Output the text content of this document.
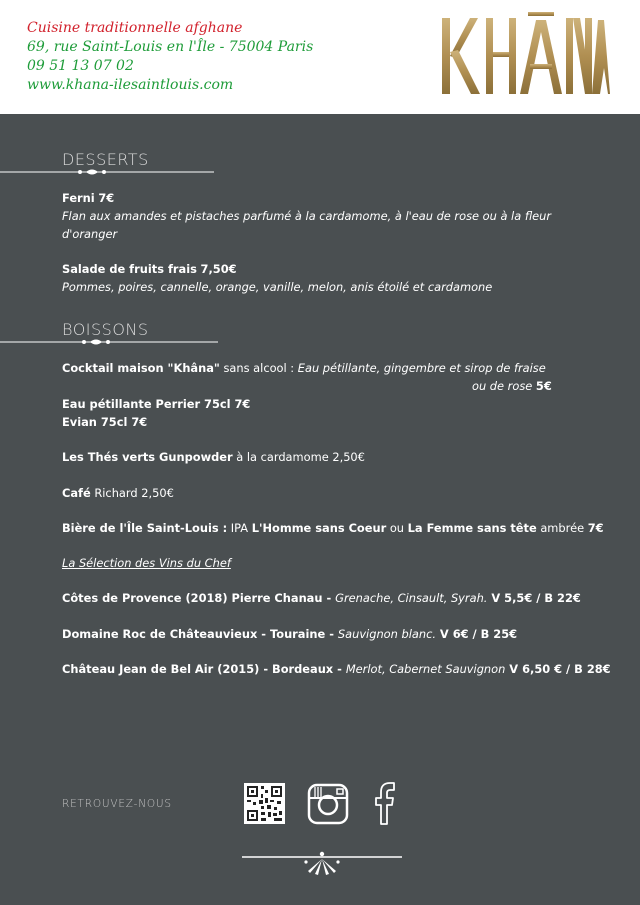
Cuisine traditionnelle afghane
69, rue Saint-Louis en l'Île - 75004 Paris
09 51 13 07 02
www.khana-ilesaintlouis.com
DESSERTS
Ferni 7€
Flan aux amandes et pistaches parfumé à la cardamome, à l'eau de rose ou à la fleur d'oranger
Salade de fruits frais 7,50€
Pommes, poires, cannelle, orange, vanille, melon, anis étoilé et cardamone
BOISSONS
Cocktail maison "Khâna" sans alcool : Eau pétillante, gingembre et sirop de fraise
ou de rose 5€
Eau pétillante Perrier 75cl 7€
Evian 75cl 7€
Les Thés verts Gunpowder à la cardamome 2,50€
Café Richard 2,50€
Bière de l'Île Saint-Louis : IPA L'Homme sans Coeur ou La Femme sans tête ambrée 7€
La Sélection des Vins du Chef
Côtes de Provence (2018) Pierre Chanau - Grenache, Cinsault, Syrah. V 5,5€ / B 22€
Domaine Roc de Châteauvieux - Touraine - Sauvignon blanc. V 6€ / B 25€
Château Jean de Bel Air (2015) - Bordeaux - Merlot, Cabernet Sauvignon V 6,50 € / B 28€
RETROUVEZ-NOUS
